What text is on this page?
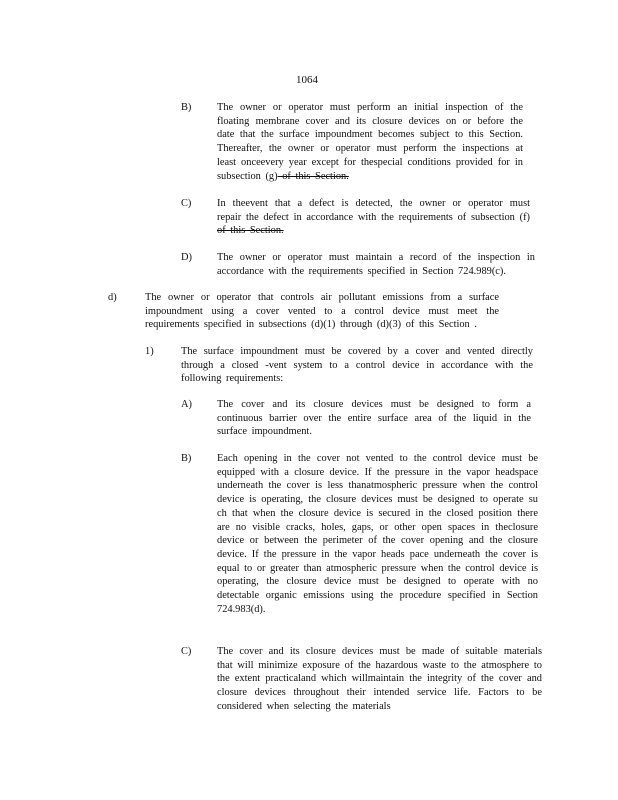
1064
B) The owner or operator must perform an initial inspection of the floating membrane cover and its closure devices on or before the date that the surface impoundment becomes subject to this Section. Thereafter, the owner or operator must perform the inspections at least onceevery year except for thespecial conditions provided for in subsection (g) of this Section.
C) In theevent that a defect is detected, the owner or operator must repair the defect in accordance with the requirements of subsection (f) of this Section.
D) The owner or operator must maintain a record of the inspection in accordance with the requirements specified in Section 724.989(c).
d)	The owner or operator that controls air pollutant emissions from a surface impoundment using a cover vented to a control device must meet the requirements specified in subsections (d)(1) through (d)(3) of this Section .
1)	The surface impoundment must be covered by a cover and vented directly through a closed -vent system to a control device in accordance with the following requirements:
A) The cover and its closure devices must be designed to form a continuous barrier over the entire surface area of the liquid in the surface impoundment.
B) Each opening in the cover not vented to the control device must be equipped with a closure device. If the pressure in the vapor headspace underneath the cover is less thanatmospheric pressure when the control device is operating, the closure devices must be designed to operate su ch that when the closure device is secured in the closed position there are no visible cracks, holes, gaps, or other open spaces in theclosure device or between the perimeter of the cover opening and the closure device. If the pressure in the vapor heads pace underneath the cover is equal to or greater than atmospheric pressure when the control device is operating, the closure device must be designed to operate with no detectable organic emissions using the procedure specified in Section 724.983(d).
C) The cover and its closure devices must be made of suitable materials that will minimize exposure of the hazardous waste to the atmosphere to the extent practicaland which willmaintain the integrity of the cover and closure devices throughout their intended service life. Factors to be considered when selecting the materials
